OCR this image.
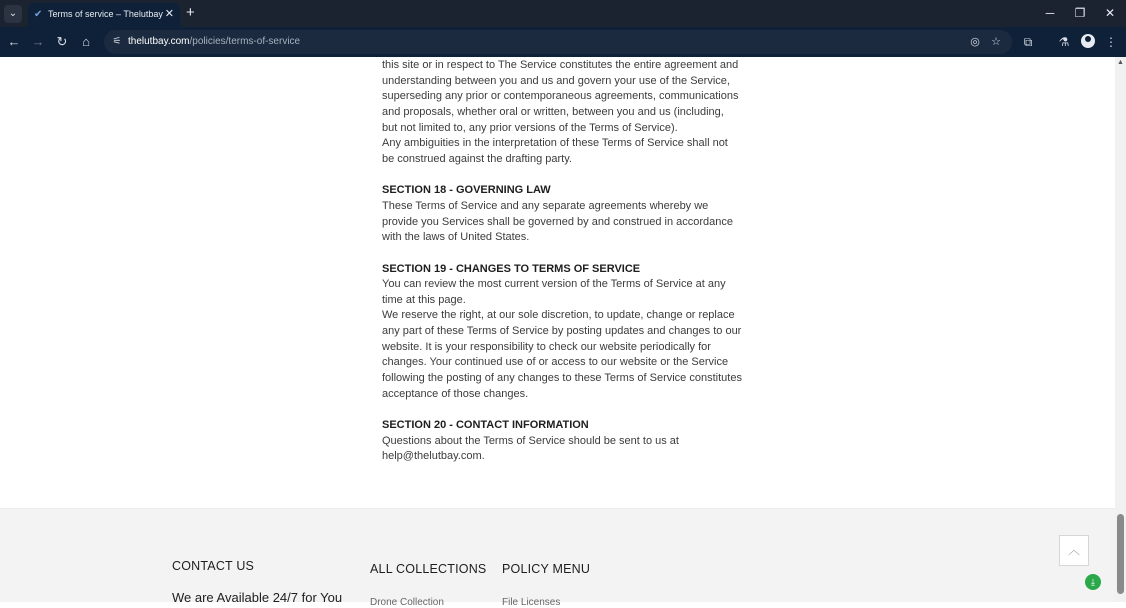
⌄	✔ Terms of service – Thelutbay ✕ +	─	❐	✕
← → ↻	⌂	⚟ thelutbay.com/policies/terms-of-service	◎ ☆	⧉	⚗	⋮

this site or in respect to The Service constitutes the entire agreement and understanding between you and us and govern your use of the Service, superseding any prior or contemporaneous agreements, communications and proposals, whether oral or written, between you and us (including, but not limited to, any prior versions of the Terms of Service).

Any ambiguities in the interpretation of these Terms of Service shall not be construed against the drafting party.

SECTION 18 - GOVERNING LAW

These Terms of Service and any separate agreements whereby we provide you Services shall be governed by and construed in accordance with the laws of United States.

SECTION 19 - CHANGES TO TERMS OF SERVICE

You can review the most current version of the Terms of Service at any time at this page.

We reserve the right, at our sole discretion, to update, change or replace any part of these Terms of Service by posting updates and changes to our website. It is your responsibility to check our website periodically for changes. Your continued use of or access to our website or the Service following the posting of any changes to these Terms of Service constitutes acceptance of those changes.

SECTION 20 - CONTACT INFORMATION

Questions about the Terms of Service should be sent to us at help@thelutbay.com.

CONTACT US
We are Available 24/7 for You
ALL COLLECTIONS
Drone Collection
POLICY MENU
File Licenses
︿
⤓
▲
